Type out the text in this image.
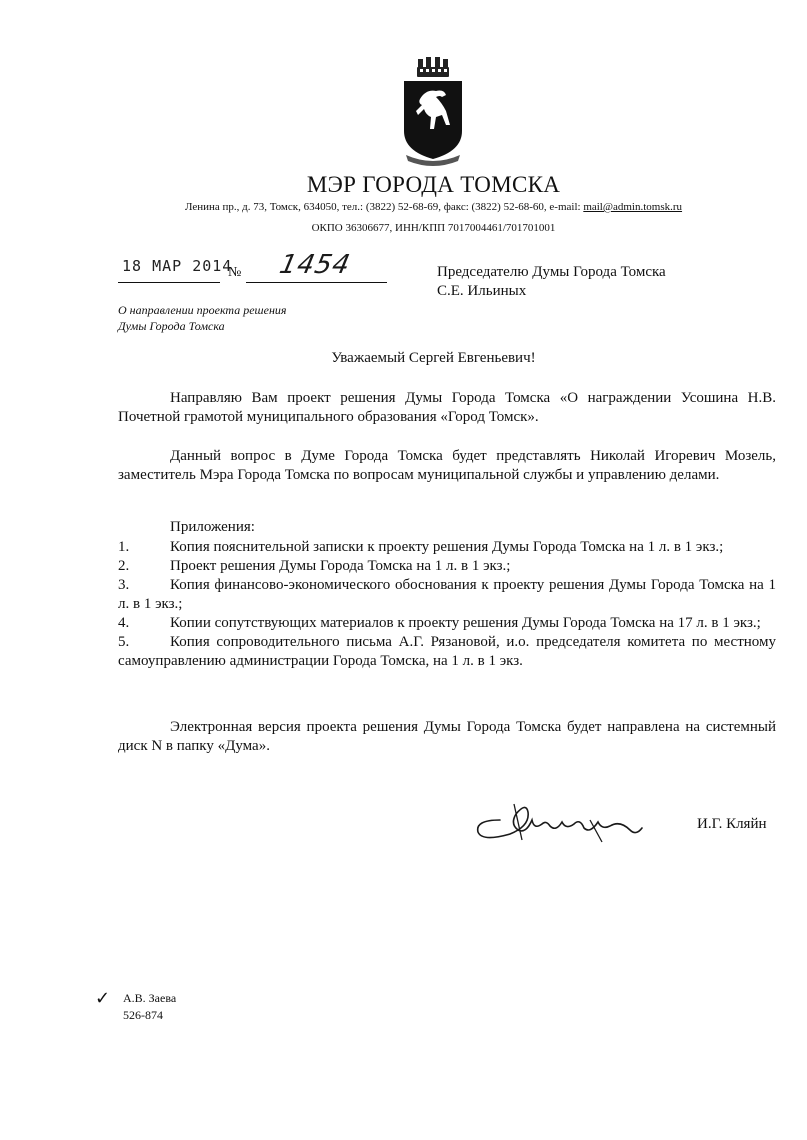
МЭР ГОРОДА ТОМСКА
Ленина пр., д. 73, Томск, 634050, тел.: (3822) 52-68-69, факс: (3822) 52-68-60, e-mail: mail@admin.tomsk.ru
ОКПО 36306677, ИНН/КПП 7017004461/701701001
18 МАР 2014
№ 1454	Председателю Думы Города Томска
С.Е. Ильиных
О направлении проекта решения
Думы Города Томска
Уважаемый Сергей Евгеньевич!
Направляю Вам проект решения Думы Города Томска «О награждении Усошина Н.В. Почетной грамотой муниципального образования «Город Томск».
Данный вопрос в Думе Города Томска будет представлять Николай Игоревич Мозель, заместитель Мэра Города Томска по вопросам муниципальной службы и управлению делами.
Приложения:
1.	Копия пояснительной записки к проекту решения Думы Города Томска на 1 л. в 1 экз.;
2.	Проект решения Думы Города Томска на 1 л. в 1 экз.;
3.	Копия финансово-экономического обоснования к проекту решения Думы Города Томска на 1 л. в 1 экз.;
4.	Копии сопутствующих материалов к проекту решения Думы Города Томска на 17 л. в 1 экз.;
5.	Копия сопроводительного письма А.Г. Рязановой, и.о. председателя комитета по местному самоуправлению администрации Города Томска, на 1 л. в 1 экз.
Электронная версия проекта решения Думы Города Томска будет направлена на системный диск N в папку «Дума».
И.Г. Кляйн
✓ А.В. Заева
526-874
